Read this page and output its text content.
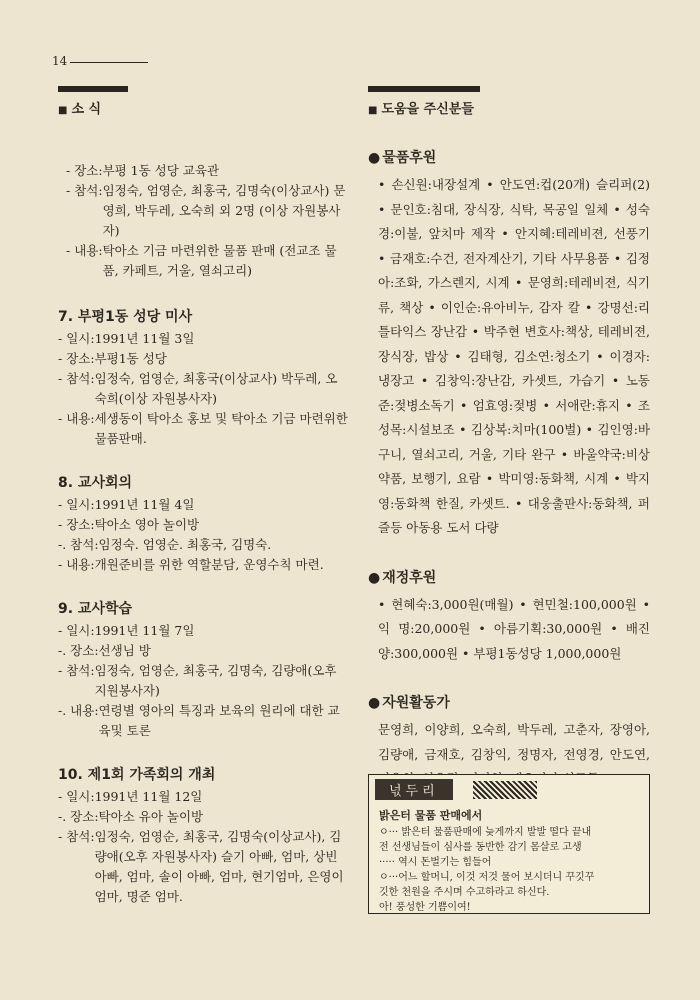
14
■ 소 식
- 장소: 부평 1동 성당 교육관
- 참석: 임정숙, 엄영순, 최홍국, 김명숙(이상교사) 문영희, 박두레, 오숙희 외 2명 (이상 자원봉사자)
- 내용: 탁아소 기금 마련위한 물품 판매 (전교조 물품, 카페트, 거울, 열쇠고리)
7. 부평1동 성당 미사
- 일시: 1991년 11월 3일
- 장소: 부평1동 성당
- 참석: 임정숙, 엄영순, 최홍국(이상교사) 박두레, 오숙희(이상 자원봉사자)
- 내용: 세생동이 탁아소 홍보 및 탁아소 기금 마련위한 물품판매.
8. 교사회의
- 일시: 1991년 11월 4일
- 장소: 탁아소 영아 놀이방
-. 참석: 임정숙. 엄영순. 최홍국, 김명숙.
- 내용: 개원준비를 위한 역할분담, 운영수칙 마련.
9. 교사학습
- 일시: 1991년 11월 7일
-. 장소: 선생님 방
- 참석: 임정숙, 엄영순, 최홍국, 김명숙, 김량애(오후지원봉사자)
-. 내용: 연령별 영아의 특징과 보육의 원리에 대한 교육및 토론
10. 제1회 가족회의 개최
- 일시: 1991년 11월 12일
-. 장소: 탁아소 유아 놀이방
- 참석: 임정숙, 엄영순, 최홍국, 김명숙(이상교사), 김량애(오후 자원봉사자) 슬기 아빠, 엄마, 상빈 아빠, 엄마, 솔이 아빠, 엄마, 현기엄마, 은영이 엄마, 명준 엄마.
■ 도움을 주신분들
● 물품후원
• 손신원:내장설계 • 안도연:컵(20개) 슬리퍼(2) • 문인호:침대, 장식장, 식탁, 목공일 일체 • 성숙경:이불, 앞치마 제작 • 안지혜:테레비젼, 선풍기 • 금재호:수건, 전자계산기, 기타 사무용품 • 김정아:조화, 가스렌지, 시계 • 문영희:테레비젼, 식기류, 책상 • 이인순:유아비누, 감자 칼 • 강명선:리틀타익스 장난감 • 박주현 변호사:책상, 테레비젼, 장식장, 밥상 • 김태형, 김소연:청소기 • 이경자:냉장고 • 김창익:장난감, 카셋트, 가습기 • 노동준:젖병소독기 • 엄효영:젖병 • 서애란:휴지 • 조성목:시설보조 • 김상복:치마(100벌) • 김인영:바구니, 열쇠고리, 거울, 기타 완구 • 바울약국:비상약품, 보행기, 요람 • 박미영:동화책, 시계 • 박지영:동화책 한질, 카셋트. • 대웅출판사:동화책, 퍼즐등 아동용 도서 다량
● 재정후원
• 현혜숙:3,000원(매월) • 현민철:100,000원 • 익 명:20,000원 • 아름기획:30,000원 • 배진양:300,000원 • 부평1동성당 1,000,000원
● 자원활동가
문영희, 이양희, 오숙희, 박두레, 고춘자, 장영아, 김량애, 금재호, 김창익, 정명자, 전영경, 안도연,
넋두리
밝은터 물품 판매에서
ㅇ··· 밝은터 물품판매에 늦게까지 발발 떨다 끝내
전 선생님들이 심사를 동반한 감기 몸살로 고생
····· 역시 돈벌기는 힘들어
ㅇ···어느 할머니, 이것 저것 물어 보시더니 꾸깃꾸
깃한 천원을 주시며 수고하라고 하신다.
아! 풍성한 기쁨이여!
